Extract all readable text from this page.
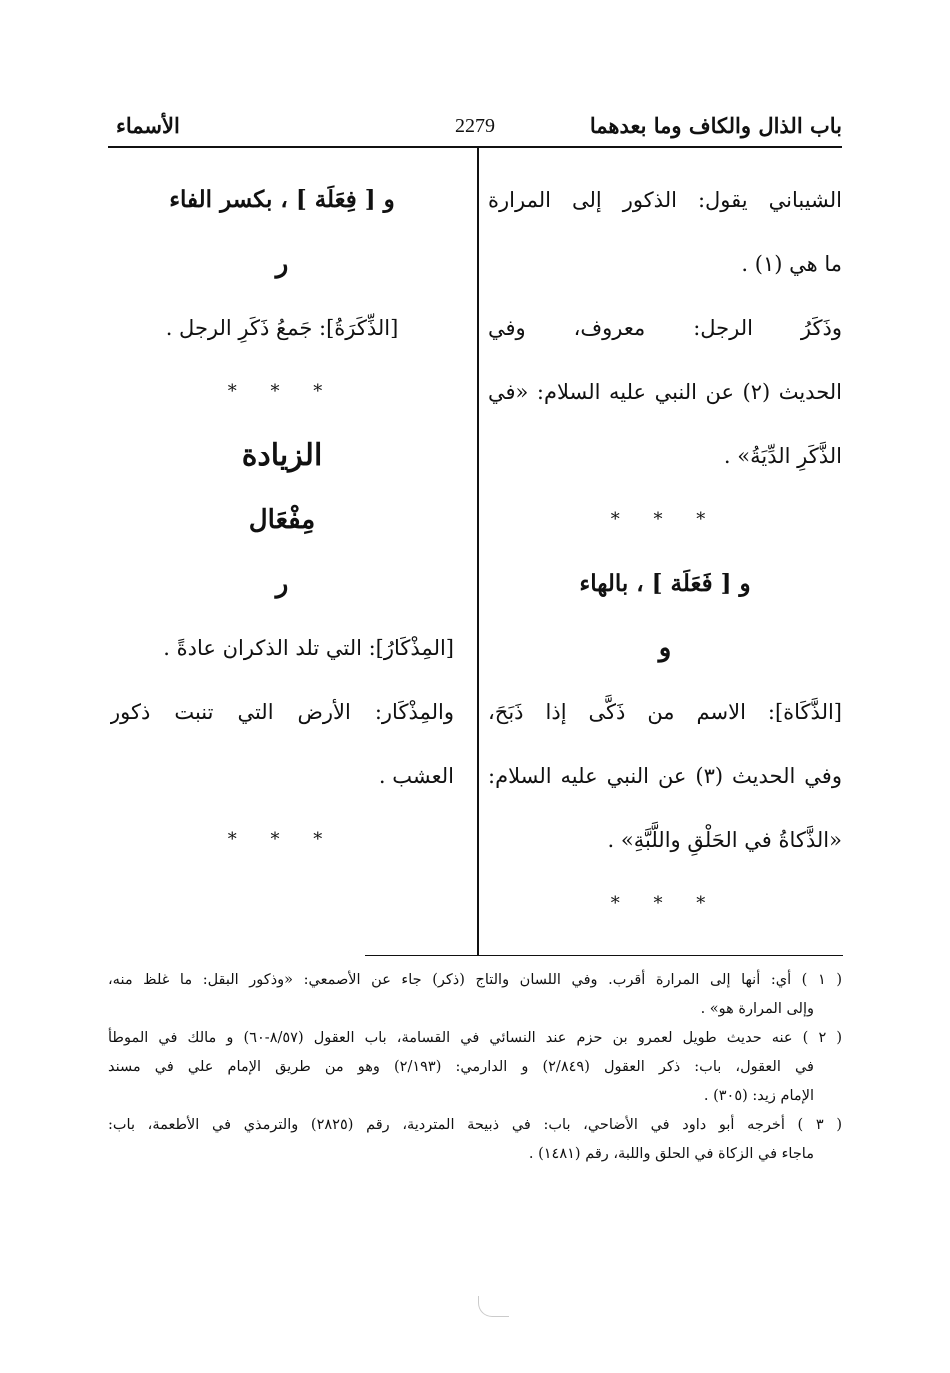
باب الذال والكاف وما بعدهما
2279
الأسماء
الشيباني يقول: الذكور إلى المرارة
ما هي (١) .
وذَكَرُ الرجل: معروف، وفي
الحديث (٢) عن النبي عليه السلام: «في
الذَّكَرِ الدِّيَةُ» .
* * *
و [ فَعَلَة ] ، بالهاء
و
[الذَّكَاة]: الاسم من ذَكَّى إذا ذَبَحَ،
وفي الحديث (٣) عن النبي عليه السلام:
«الذَّكاةُ في الحَلْقِ واللَّبَّةِ» .
* * *
و [ فِعَلَة ] ، بكسر الفاء
ر
[الذِّكَرَةُ]: جَمعُ ذَكَرِ الرجل .
* * *
الزيادة
مِفْعَال
ر
[المِذْكَارُ]: التي تلد الذكران عادةً .
والمِذْكَار: الأرض التي تنبت ذكور
العشب .
* * *
( ١ ) أي: أنها إلى المرارة أقرب. وفي اللسان والتاج (ذكر) جاء عن الأصمعي: «وذكور البقل: ما غلظ منه،
وإلى المرارة هو» .
( ٢ ) عنه حديث طويل لعمرو بن حزم عند النسائي في القسامة، باب العقول (٨/٥٧-٦٠) و مالك في الموطأ
في العقول، باب: ذكر العقول (٢/٨٤٩) و الدارمي: (٢/١٩٣) وهو من طريق الإمام علي في مسند
الإمام زيد: (٣٠٥) .
( ٣ ) أخرجه أبو داود في الأضاحي، باب: في ذبيحة المتردية، رقم (٢٨٢٥) والترمذي في الأطعمة، باب:
ماجاء في الزكاة في الحلق واللبة، رقم (١٤٨١) .
